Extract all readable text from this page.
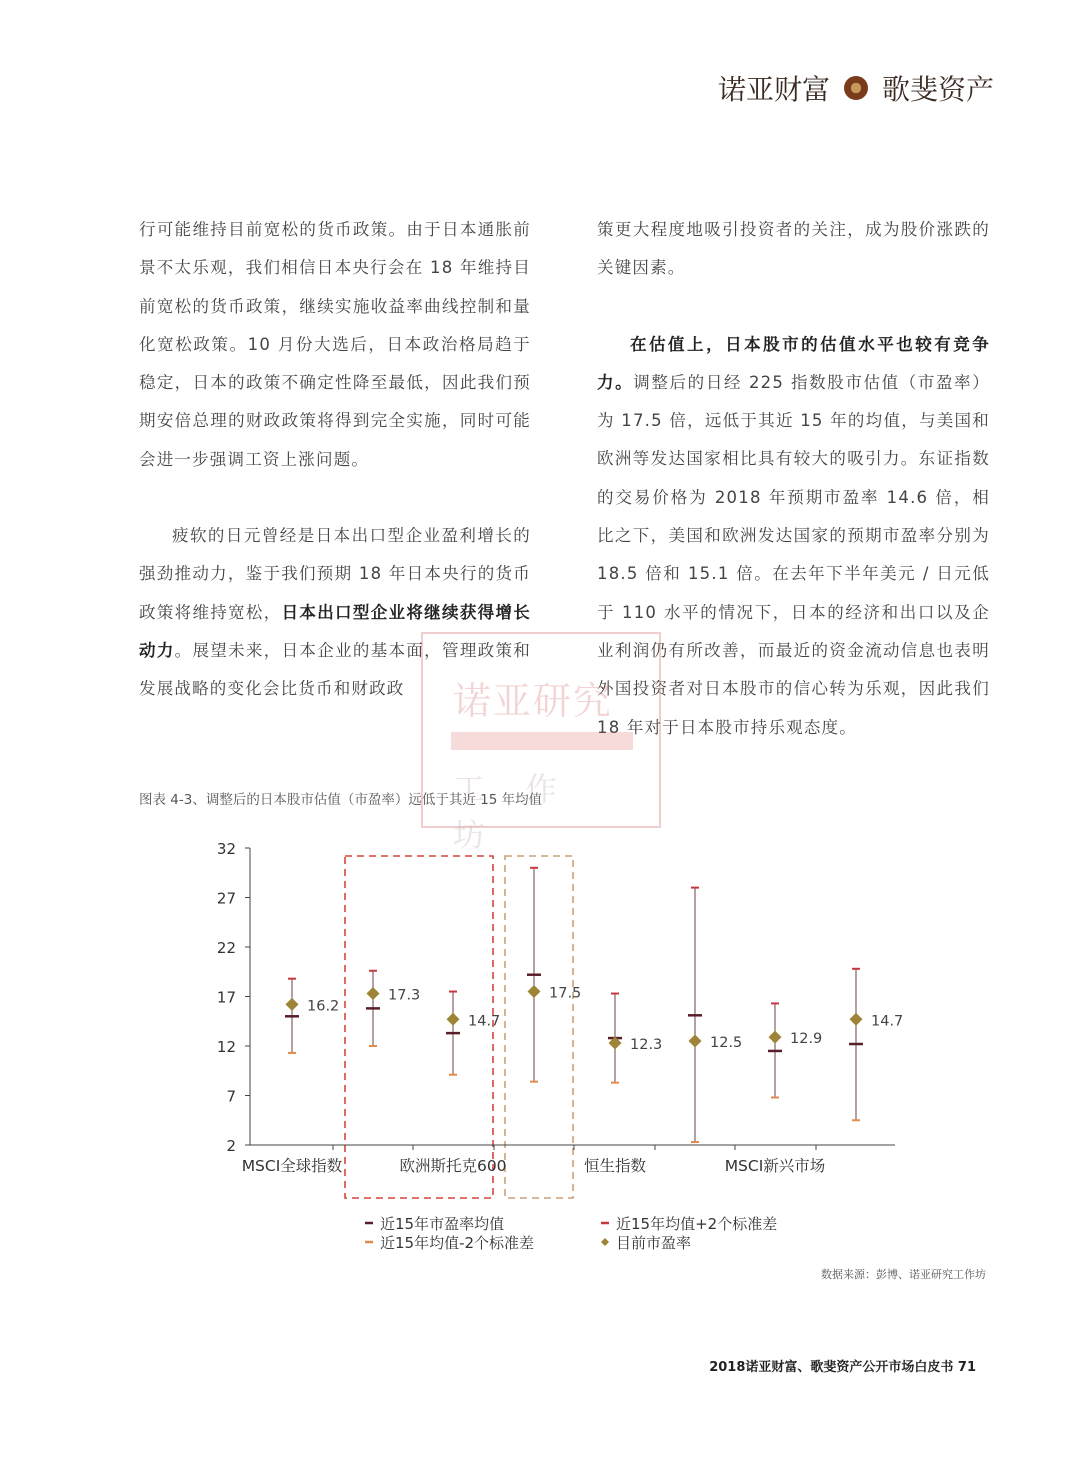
诺亚财富 歌斐资产

行可能维持目前宽松的货币政策。由于日本通胀前景不太乐观，我们相信日本央行会在 18 年维持目前宽松的货币政策，继续实施收益率曲线控制和量化宽松政策。10 月份大选后，日本政治格局趋于稳定，日本的政策不确定性降至最低，因此我们预期安倍总理的财政政策将得到完全实施，同时可能会进一步强调工资上涨问题。

疲软的日元曾经是日本出口型企业盈利增长的强劲推动力，鉴于我们预期 18 年日本央行的货币政策将维持宽松，日本出口型企业将继续获得增长动力。展望未来，日本企业的基本面，管理政策和发展战略的变化会比货币和财政政

策更大程度地吸引投资者的关注，成为股价涨跌的关键因素。

在估值上，日本股市的估值水平也较有竞争力。调整后的日经 225 指数股市估值（市盈率）为 17.5 倍，远低于其近 15 年的均值，与美国和欧洲等发达国家相比具有较大的吸引力。东证指数的交易价格为 2018 年预期市盈率 14.6 倍，相比之下，美国和欧洲发达国家的预期市盈率分别为 18.5 倍和 15.1 倍。在去年下半年美元 / 日元低于 110 水平的情况下，日本的经济和出口以及企业利润仍有所改善，而最近的资金流动信息也表明外国投资者对日本股市的信心转为乐观，因此我们 18 年对于日本股市持乐观态度。

图表 4-3、调整后的日本股市估值（市盈率）远低于其近 15 年均值
2
7
12
17
22
27
32
16.2
17.3
14.7
17.5
12.3	12.5	12.9
14.7
MSCI全球指数	欧洲斯托克600	恒生指数	MSCI新兴市场
近15年市盈率均值
近15年均值-2个标准差
近15年均值+2个标准差
目前市盈率
诺亚研究
工作坊
数据来源：彭博、诺亚研究工作坊
2018诺亚财富、歌斐资产公开市场白皮书 71
